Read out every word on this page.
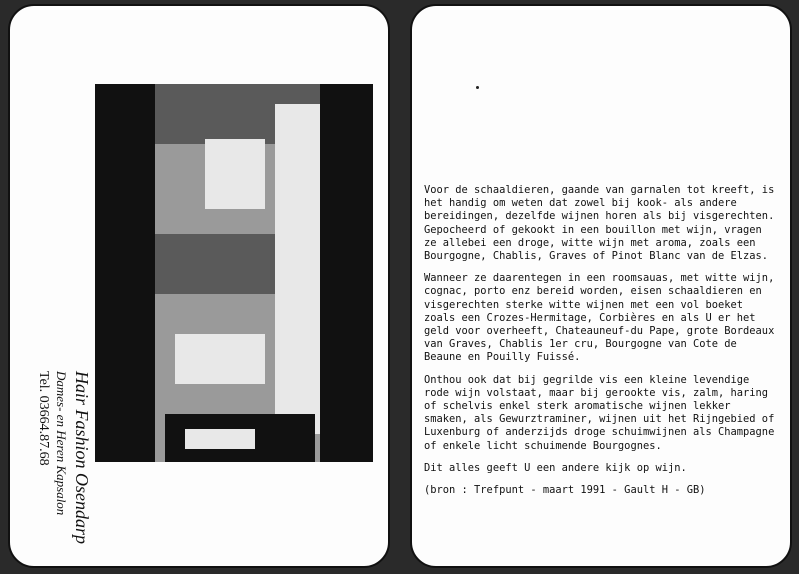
Hair Fashion Osendarp
Dames- en Heren Kapsalon
Tel. 03664.87.68
Voor de schaaldieren, gaande van garnalen tot kreeft, is
het handig om weten dat zowel bij kook- als andere
bereidingen, dezelfde wijnen horen als bij visgerechten.
Gepocheerd of gekookt in een bouillon met wijn, vragen
ze allebei een droge, witte wijn met aroma, zoals een
Bourgogne, Chablis, Graves of Pinot Blanc van de Elzas.
Wanneer ze daarentegen in een roomsauas, met witte wijn,
cognac, porto enz bereid worden, eisen schaaldieren en
visgerechten sterke witte wijnen met een vol boeket
zoals een Crozes-Hermitage, Corbières en als U er het
geld voor overheeft, Chateauneuf-du Pape, grote Bordeaux
van Graves, Chablis 1er cru, Bourgogne van Cote de
Beaune en Pouilly Fuissé.
Onthou ook dat bij gegrilde vis een kleine levendige
rode wijn volstaat, maar bij gerookte vis, zalm, haring
of schelvis enkel sterk aromatische wijnen lekker
smaken, als Gewurztraminer, wijnen uit het Rijngebied of
Luxenburg of anderzijds droge schuimwijnen als Champagne
of enkele licht schuimende Bourgognes.
Dit alles geeft U een andere kijk op wijn.
(bron : Trefpunt - maart 1991 - Gault H - GB)
